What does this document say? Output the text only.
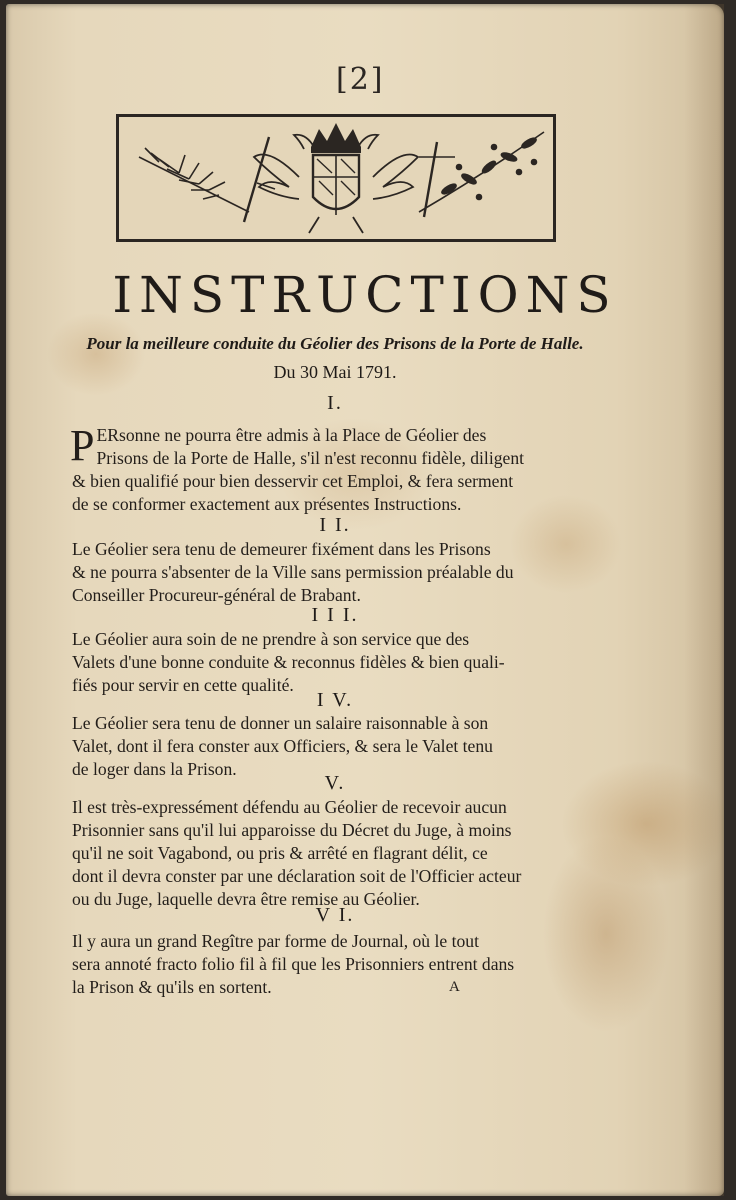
[2]
INSTRUCTIONS
Pour la meilleure conduite du Géolier des Prisons de la Porte de Halle.
Du 30 Mai 1791.
I.
P ERsonne ne pourra être admis à la Place de Géolier des
Prisons de la Porte de Halle, s'il n'est reconnu fidèle, diligent
& bien qualifié pour bien desservir cet Emploi, & fera serment
de se conformer exactement aux présentes Instructions.
I I.
Le Géolier sera tenu de demeurer fixément dans les Prisons
& ne pourra s'absenter de la Ville sans permission préalable du
Conseiller Procureur-général de Brabant.
I I I.
Le Géolier aura soin de ne prendre à son service que des
Valets d'une bonne conduite & reconnus fidèles & bien quali-
fiés pour servir en cette qualité.
I V.
Le Géolier sera tenu de donner un salaire raisonnable à son
Valet, dont il fera conster aux Officiers, & sera le Valet tenu
de loger dans la Prison.
V.
Il est très-expressément défendu au Géolier de recevoir aucun
Prisonnier sans qu'il lui apparoisse du Décret du Juge, à moins
qu'il ne soit Vagabond, ou pris & arrêté en flagrant délit, ce
dont il devra conster par une déclaration soit de l'Officier acteur
ou du Juge, laquelle devra être remise au Géolier.
V I.
Il y aura un grand Regître par forme de Journal, où le tout
sera annoté fracto folio fil à fil que les Prisonniers entrent dans
la Prison & qu'ils en sortent.	A
